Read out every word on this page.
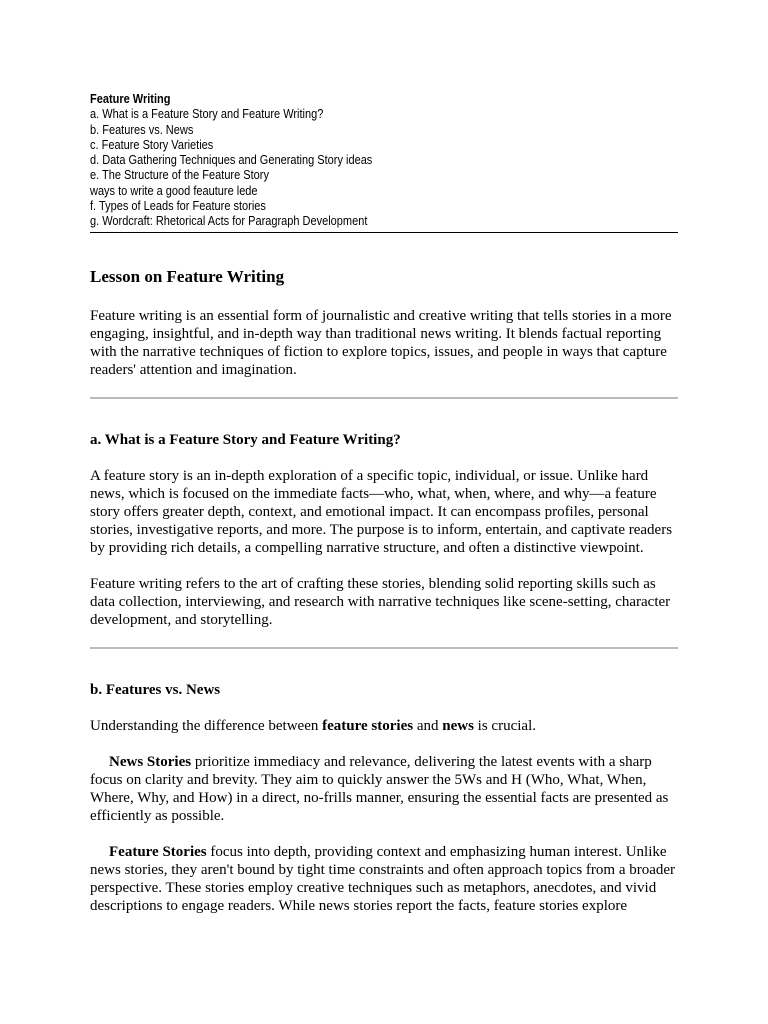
Feature Writing
a. What is a Feature Story and Feature Writing?
b. Features vs. News
c. Feature Story Varieties
d. Data Gathering Techniques and Generating Story ideas
e. The Structure of the Feature Story
ways to write a good feauture lede
f. Types of Leads for Feature stories
g. Wordcraft: Rhetorical Acts for Paragraph Development
Lesson on Feature Writing

Feature writing is an essential form of journalistic and creative writing that tells stories in a more engaging, insightful, and in-depth way than traditional news writing. It blends factual reporting with the narrative techniques of fiction to explore topics, issues, and people in ways that capture readers' attention and imagination.

a. What is a Feature Story and Feature Writing?

A feature story is an in-depth exploration of a specific topic, individual, or issue. Unlike hard news, which is focused on the immediate facts—who, what, when, where, and why—a feature story offers greater depth, context, and emotional impact. It can encompass profiles, personal stories, investigative reports, and more. The purpose is to inform, entertain, and captivate readers by providing rich details, a compelling narrative structure, and often a distinctive viewpoint.

Feature writing refers to the art of crafting these stories, blending solid reporting skills such as data collection, interviewing, and research with narrative techniques like scene-setting, character development, and storytelling.

b. Features vs. News

Understanding the difference between feature stories and news is crucial.

News Stories prioritize immediacy and relevance, delivering the latest events with a sharp focus on clarity and brevity. They aim to quickly answer the 5Ws and H (Who, What, When, Where, Why, and How) in a direct, no-frills manner, ensuring the essential facts are presented as efficiently as possible.

Feature Stories focus into depth, providing context and emphasizing human interest. Unlike news stories, they aren't bound by tight time constraints and often approach topics from a broader perspective. These stories employ creative techniques such as metaphors, anecdotes, and vivid descriptions to engage readers. While news stories report the facts, feature stories explore
